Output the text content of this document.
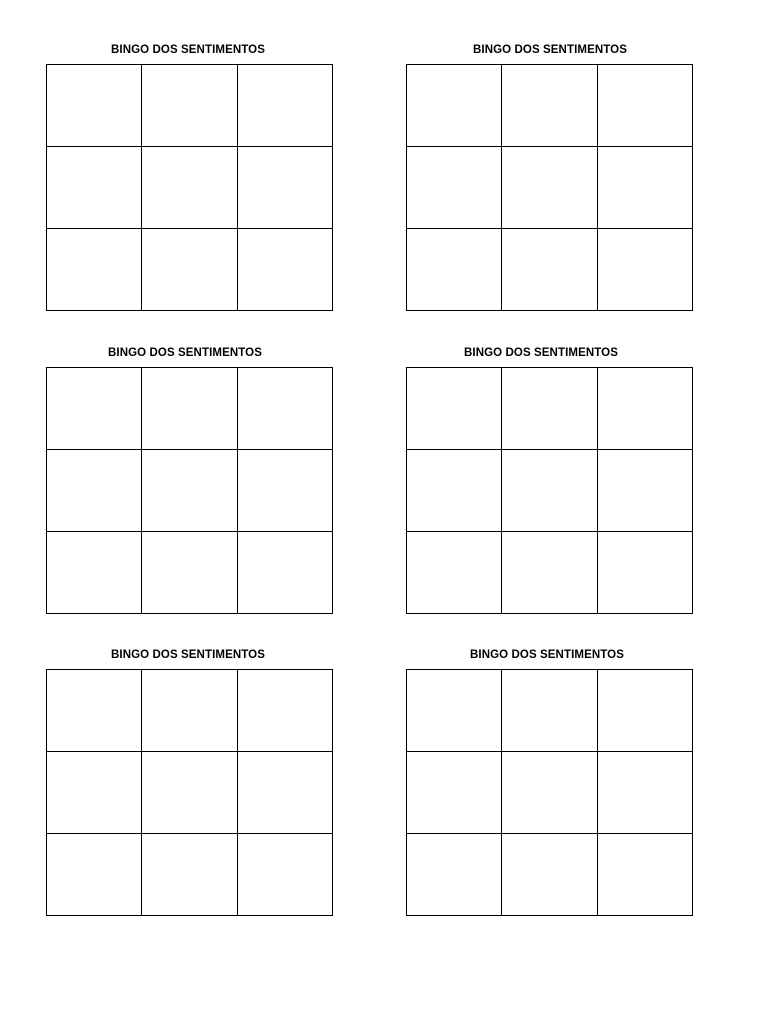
BINGO DOS SENTIMENTOS	BINGO DOS SENTIMENTOS
BINGO DOS SENTIMENTOS	BINGO DOS SENTIMENTOS
BINGO DOS SENTIMENTOS	BINGO DOS SENTIMENTOS
